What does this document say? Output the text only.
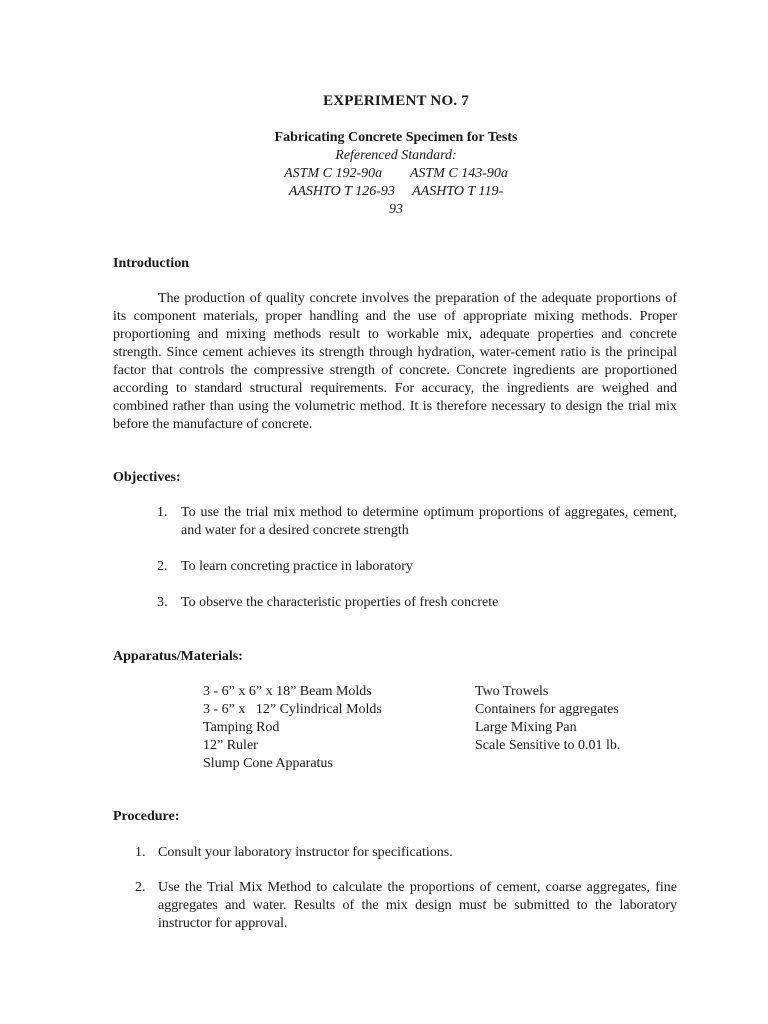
EXPERIMENT NO. 7
Fabricating Concrete Specimen for Tests
Referenced Standard:
ASTM C 192-90a        ASTM C 143-90a
AASHTO T 126-93     AASHTO T 119-
93
Introduction
The production of quality concrete involves the preparation of the adequate proportions of its component materials, proper handling and the use of appropriate mixing methods. Proper proportioning and mixing methods result to workable mix, adequate properties and concrete strength. Since cement achieves its strength through hydration, water-cement ratio is the principal factor that controls the compressive strength of concrete. Concrete ingredients are proportioned according to standard structural requirements. For accuracy, the ingredients are weighed and combined rather than using the volumetric method. It is therefore necessary to design the trial mix before the manufacture of concrete.
Objectives:
1. To use the trial mix method to determine optimum proportions of aggregates, cement, and water for a desired concrete strength
2. To learn concreting practice in laboratory
3. To observe the characteristic properties of fresh concrete
Apparatus/Materials:
3 - 6” x 6” x 18” Beam Molds
3 - 6” x   12” Cylindrical Molds
Tamping Rod
12” Ruler
Slump Cone Apparatus
Two Trowels
Containers for aggregates
Large Mixing Pan
Scale Sensitive to 0.01 lb.
Procedure:
1. Consult your laboratory instructor for specifications.
2. Use the Trial Mix Method to calculate the proportions of cement, coarse aggregates, fine aggregates and water. Results of the mix design must be submitted to the laboratory instructor for approval.
